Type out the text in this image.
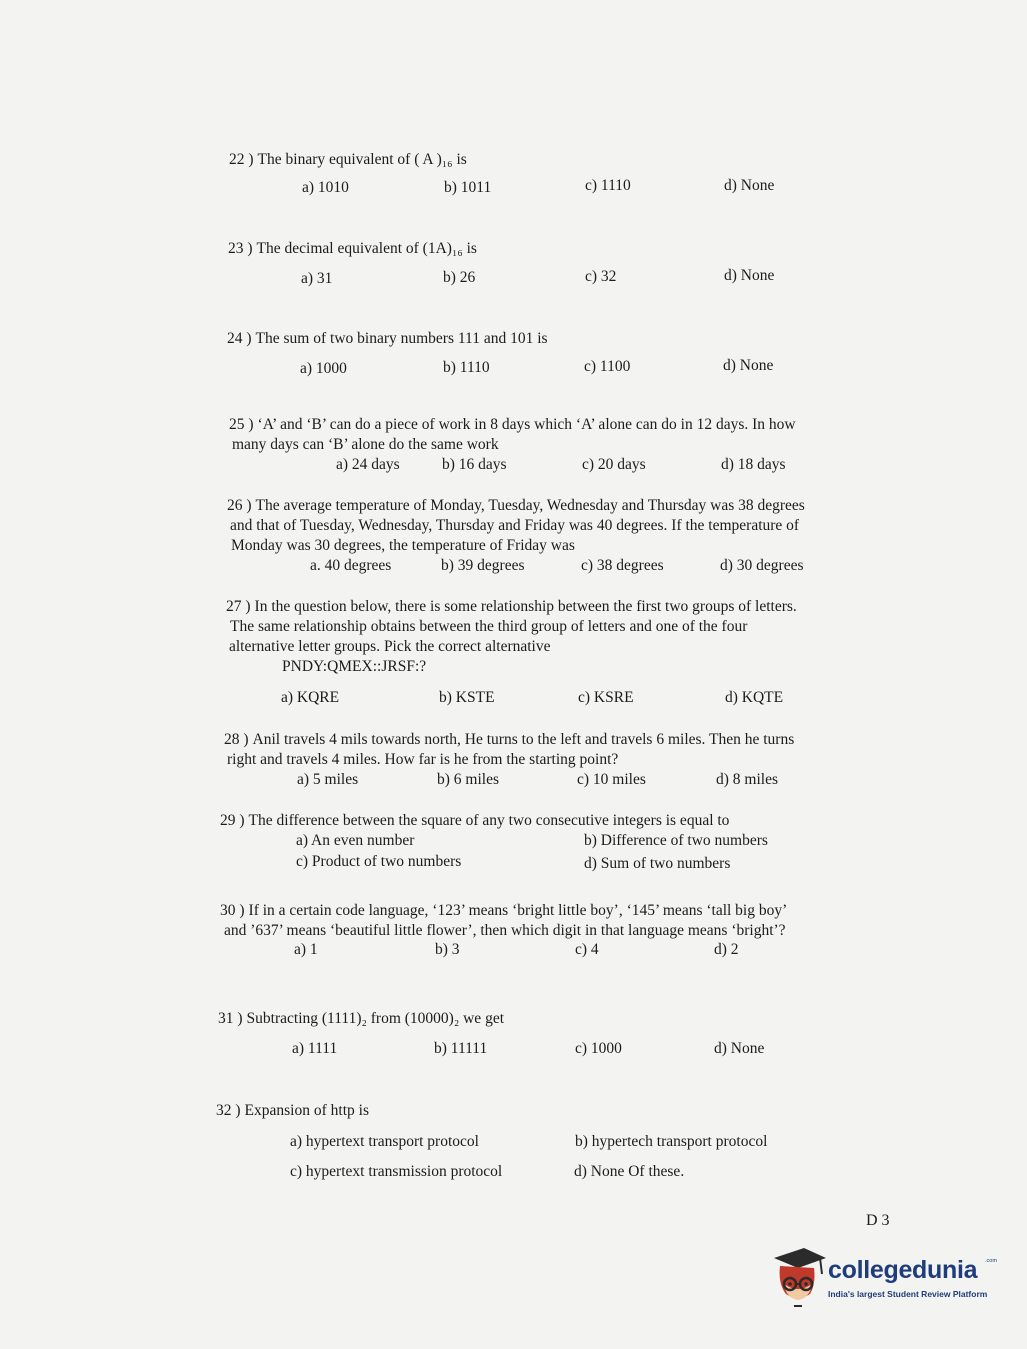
22 ) The binary equivalent of ( A )₁₆ is
a) 1010	b) 1011	c) 1110	d) None
23 ) The decimal equivalent of (1A)₁₆ is
a) 31	b) 26	c) 32	d) None
24 ) The sum of two binary numbers 111 and 101 is
a) 1000	b) 1110	c) 1100	d) None
25 ) ‘A’ and ‘B’ can do a piece of work in 8 days which ‘A’ alone can do in 12 days. In how
many days can ‘B’ alone do the same work
a) 24 days	b) 16 days	c) 20 days	d) 18 days
26 ) The average temperature of Monday, Tuesday, Wednesday and Thursday was 38 degrees
and that of Tuesday, Wednesday, Thursday and Friday was 40 degrees. If the temperature of
Monday was 30 degrees, the temperature of Friday was
a. 40 degrees	b) 39 degrees	c) 38 degrees	d) 30 degrees
27 ) In the question below, there is some relationship between the first two groups of letters.
The same relationship obtains between the third group of letters and one of the four
alternative letter groups. Pick the correct alternative
PNDY:QMEX::JRSF:?
a) KQRE	b) KSTE	c) KSRE	d) KQTE
28 ) Anil travels 4 mils towards north, He turns to the left and travels 6 miles. Then he turns
right and travels 4 miles. How far is he from the starting point?
a) 5 miles	b) 6 miles	c) 10 miles	d) 8 miles
29 ) The difference between the square of any two consecutive integers is equal to
a) An even number	b) Difference of two numbers
c) Product of two numbers	d) Sum of two numbers
30 ) If in a certain code language, ‘123’ means ‘bright little boy’, ‘145’ means ‘tall big boy’
and ’637’ means ‘beautiful little flower’, then which digit in that language means ‘bright’?
a) 1	b) 3	c) 4	d) 2
31 ) Subtracting (1111)₂ from (10000)₂ we get
a) 1111	b) 11111	c) 1000	d) None
32 ) Expansion of http is
a) hypertext transport protocol	b) hypertech transport protocol
c) hypertext transmission protocol	d) None Of these.
D 3
collegedunia .com
India's largest Student Review Platform
